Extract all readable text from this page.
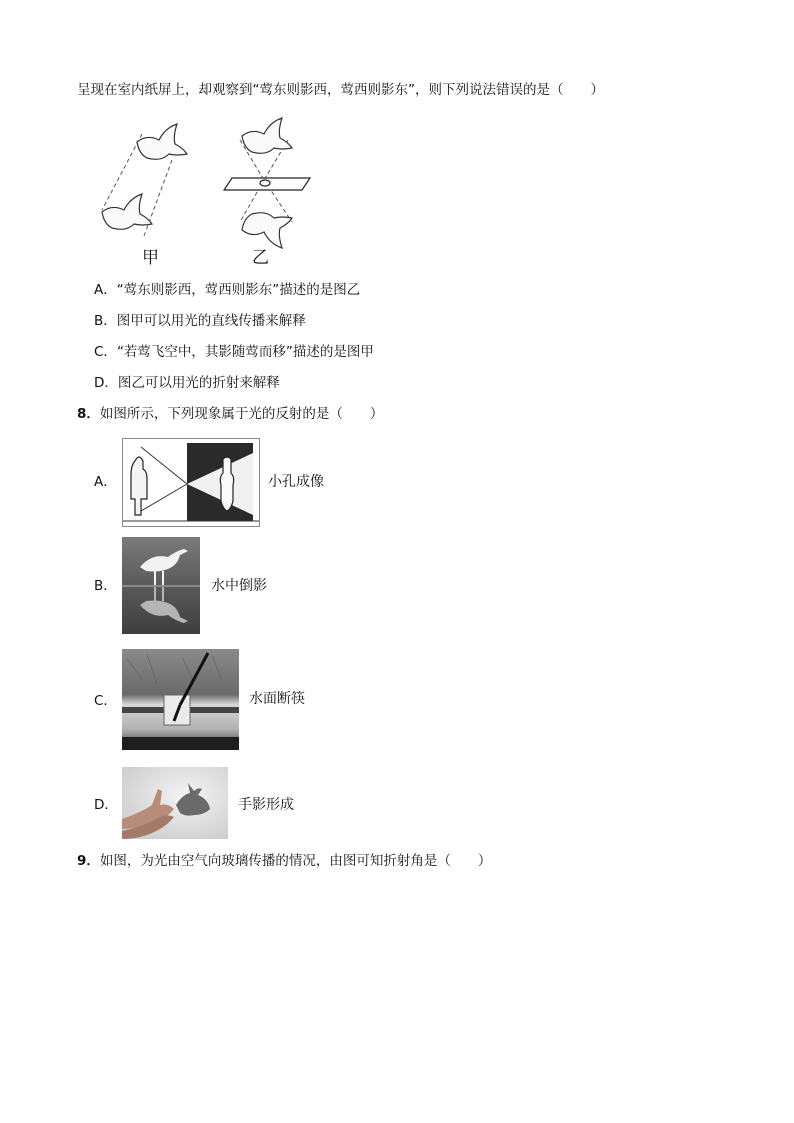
呈现在室内纸屏上，却观察到“莺东则影西，莺西则影东”，则下列说法错误的是（　　）
甲	乙
A．“莺东则影西，莺西则影东”描述的是图乙
B．图甲可以用光的直线传播来解释
C．“若莺飞空中，其影随莺而移”描述的是图甲
D．图乙可以用光的折射来解释
8．如图所示，下列现象属于光的反射的是（　　）
A．	小孔成像
B．	水中倒影
C．	水面断筷
D．	手影形成
9．如图，为光由空气向玻璃传播的情况，由图可知折射角是（　　）
